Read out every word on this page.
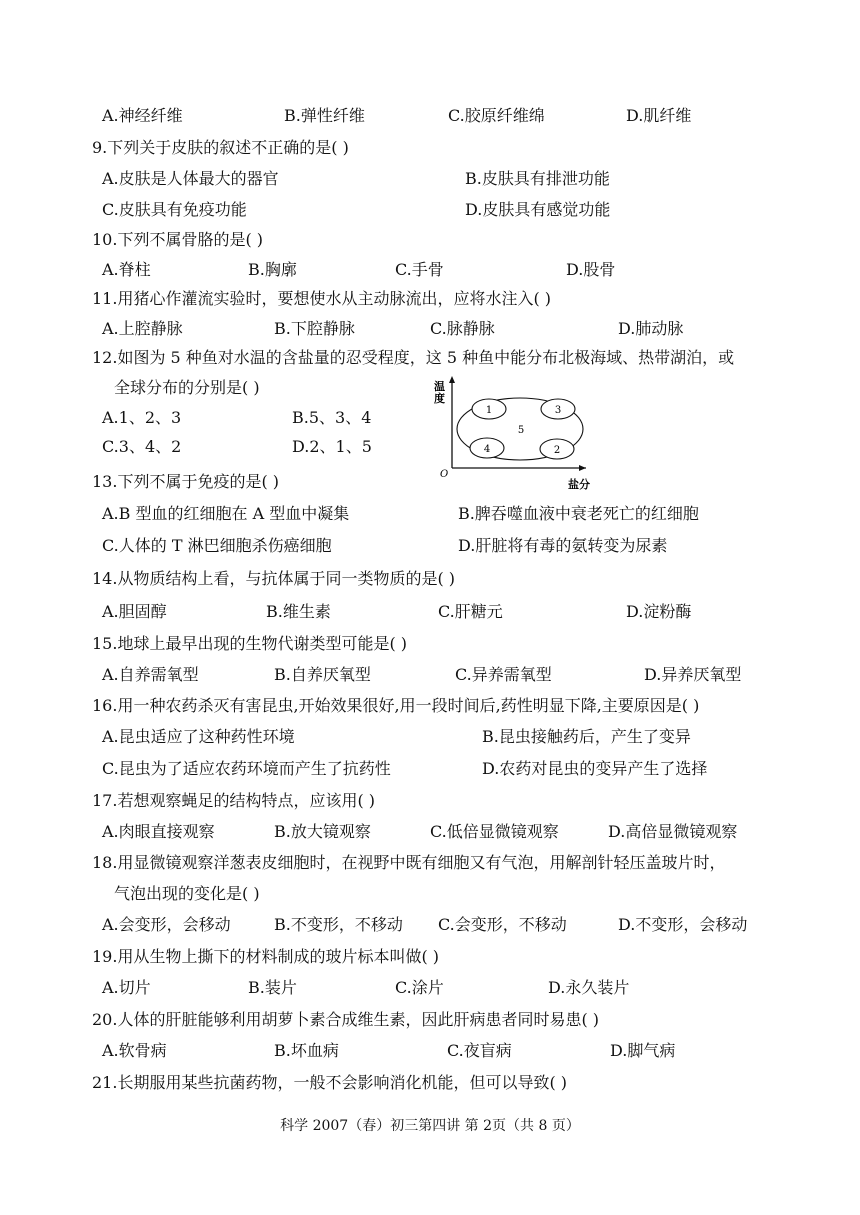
A.神经纤维	B.弹性纤维	C.胶原纤维绵	D.肌纤维
9.下列关于皮肤的叙述不正确的是( )
A.皮肤是人体最大的器官	B.皮肤具有排泄功能
C.皮肤具有免疫功能	D.皮肤具有感觉功能
10.下列不属骨胳的是( )
A.脊柱	B.胸廓	C.手骨	D.股骨
11.用猪心作灌流实验时，要想使水从主动脉流出，应将水注入( )
A.上腔静脉	B.下腔静脉	C.脉静脉	D.肺动脉
12.如图为 5 种鱼对水温的含盐量的忍受程度，这 5 种鱼中能分布北极海域、热带湖泊，或
全球分布的分别是( )
A.1、2、3	B.5、3、4
C.3、4、2	D.2、1、5
1	3
5
4	2
温度
O
盐分
13.下列不属于免疫的是( )
A.B 型血的红细胞在 A 型血中凝集	B.脾吞噬血液中衰老死亡的红细胞
C.人体的 T 淋巴细胞杀伤癌细胞	D.肝脏将有毒的氨转变为尿素
14.从物质结构上看，与抗体属于同一类物质的是( )
A.胆固醇	B.维生素	C.肝糖元	D.淀粉酶
15.地球上最早出现的生物代谢类型可能是( )
A.自养需氧型	B.自养厌氧型	C.异养需氧型	D.异养厌氧型
16.用一种农药杀灭有害昆虫,开始效果很好,用一段时间后,药性明显下降,主要原因是( )
A.昆虫适应了这种药性环境	B.昆虫接触药后，产生了变异
C.昆虫为了适应农药环境而产生了抗药性	D.农药对昆虫的变异产生了选择
17.若想观察蝇足的结构特点，应该用( )
A.肉眼直接观察	B.放大镜观察	C.低倍显微镜观察	D.高倍显微镜观察
18.用显微镜观察洋葱表皮细胞时，在视野中既有细胞又有气泡，用解剖针轻压盖玻片时，
气泡出现的变化是( )
A.会变形，会移动	B.不变形，不移动 C.会变形，不移动	D.不变形，会移动
19.用从生物上撕下的材料制成的玻片标本叫做( )
A.切片	B.装片	C.涂片	D.永久装片
20.人体的肝脏能够利用胡萝卜素合成维生素，因此肝病患者同时易患( )
A.软骨病	B.坏血病	C.夜盲病	D.脚气病
21.长期服用某些抗菌药物，一般不会影响消化机能，但可以导致( )
科学 2007（春）初三第四讲 第 2页（共 8 页）
